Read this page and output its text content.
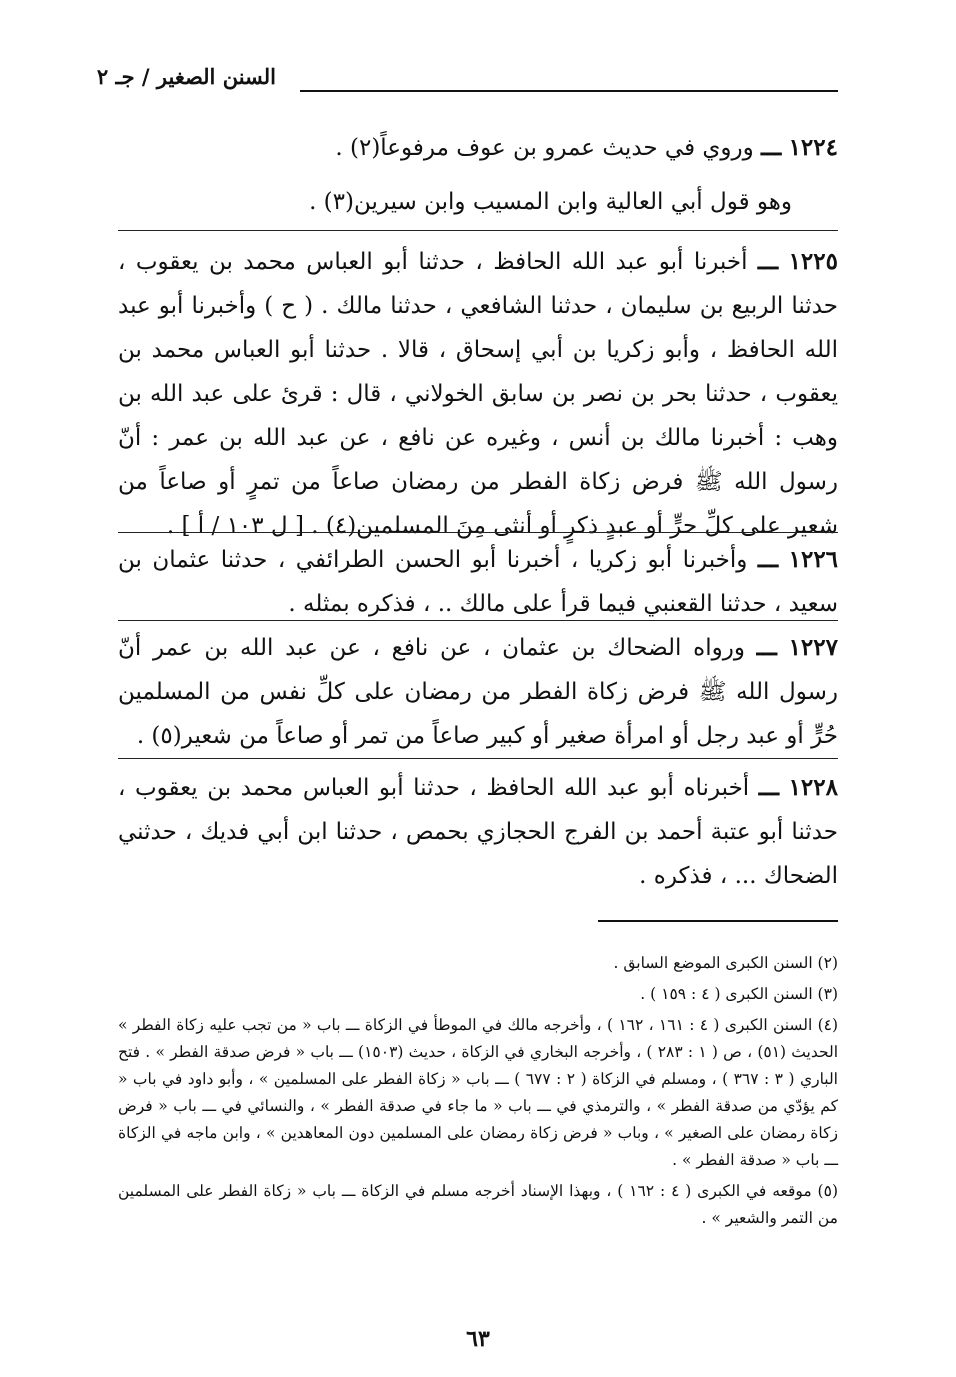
السنن الصغير / جـ ٢
١٢٢٤ ـــ وروي في حديث عمرو بن عوف مرفوعاً(٢) .
وهو قول أبي العالية وابن المسيب وابن سيرين(٣) .
١٢٢٥ ـــ أخبرنا أبو عبد الله الحافظ ، حدثنا أبو العباس محمد بن يعقوب ، حدثنا الربيع بن سليمان ، حدثنا الشافعي ، حدثنا مالك . ( ح ) وأخبرنا أبو عبد الله الحافظ ، وأبو زكريا بن أبي إسحاق ، قالا . حدثنا أبو العباس محمد بن يعقوب ، حدثنا بحر بن نصر بن سابق الخولاني ، قال : قرئ على عبد الله بن وهب : أخبرنا مالك بن أنس ، وغيره عن نافع ، عن عبد الله بن عمر : أنّ رسول الله ﷺ فرض زكاة الفطر من رمضان صاعاً من تمرٍ أو صاعاً من شعير على كلِّ حرٍّ أو عبدٍ ذكرٍ أو أنثى مِنَ المسلمين(٤) . [ ل ١٠٣ / أ ] .
١٢٢٦ ـــ وأخبرنا أبو زكريا ، أخبرنا أبو الحسن الطرائفي ، حدثنا عثمان بن سعيد ، حدثنا القعنبي فيما قرأ على مالك .. ، فذكره بمثله .
١٢٢٧ ـــ ورواه الضحاك بن عثمان ، عن نافع ، عن عبد الله بن عمر أنّ رسول الله ﷺ فرض زكاة الفطر من رمضان على كلِّ نفس من المسلمين حُرٍّ أو عبد رجل أو امرأة صغير أو كبير صاعاً من تمر أو صاعاً من شعير(٥) .
١٢٢٨ ـــ أخبرناه أبو عبد الله الحافظ ، حدثنا أبو العباس محمد بن يعقوب ، حدثنا أبو عتبة أحمد بن الفرج الحجازي بحمص ، حدثنا ابن أبي فديك ، حدثني الضحاك ... ، فذكره .

(٢) السنن الكبرى الموضع السابق .

(٣) السنن الكبرى ( ٤ : ١٥٩ ) .

(٤) السنن الكبرى ( ٤ : ١٦١ ، ١٦٢ ) ، وأخرجه مالك في الموطأ في الزكاة ـــ باب « من تجب عليه زكاة الفطر » الحديث (٥١) ، ص ( ١ : ٢٨٣ ) ، وأخرجه البخاري في الزكاة ، حديث (١٥٠٣) ـــ باب « فرض صدقة الفطر » . فتح الباري ( ٣ : ٣٦٧ ) ، ومسلم في الزكاة ( ٢ : ٦٧٧ ) ـــ باب « زكاة الفطر على المسلمين » ، وأبو داود في باب « كم يؤدّي من صدقة الفطر » ، والترمذي في ـــ باب « ما جاء في صدقة الفطر » ، والنسائي في ـــ باب « فرض زكاة رمضان على الصغير » ، وباب « فرض زكاة رمضان على المسلمين دون المعاهدين » ، وابن ماجه في الزكاة ـــ باب « صدقة الفطر » .

(٥) موقعه في الكبرى ( ٤ : ١٦٢ ) ، وبهذا الإسناد أخرجه مسلم في الزكاة ـــ باب « زكاة الفطر على المسلمين من التمر والشعير » .

٦٣
